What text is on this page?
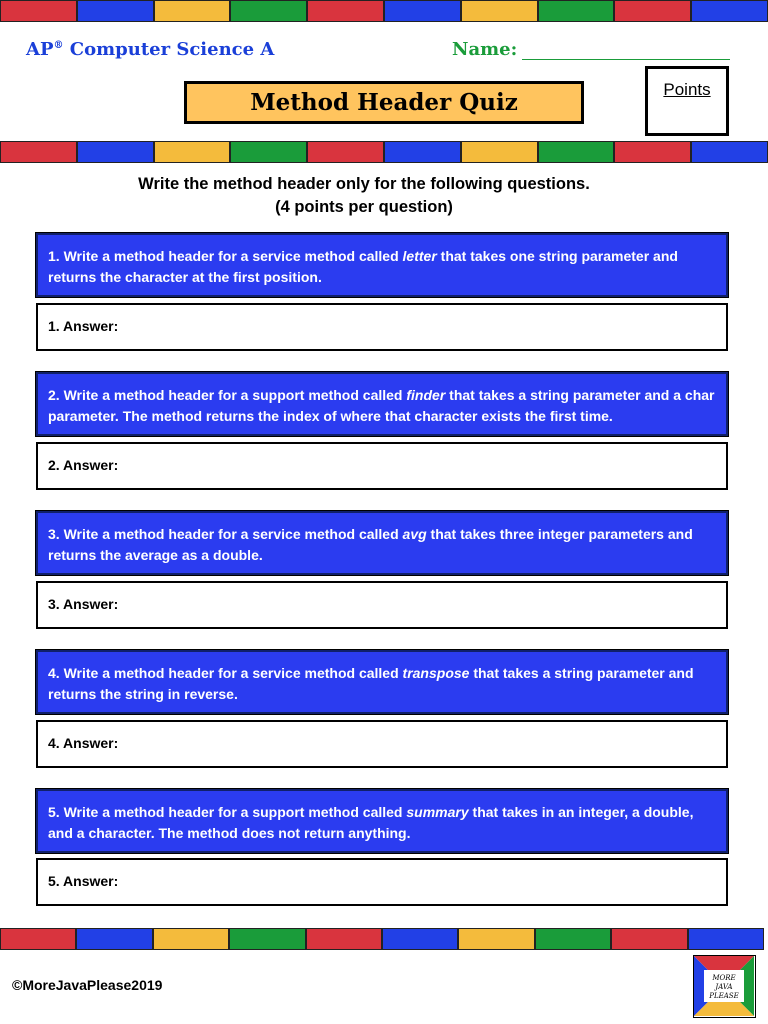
AP® Computer Science A	Name:
Method Header Quiz	Points
Write the method header only for the following questions.
(4 points per question)
1. Write a method header for a service method called letter that takes one string parameter and returns the character at the first position.
1. Answer:
2. Write a method header for a support method called finder that takes a string parameter and a char parameter. The method returns the index of where that character exists the first time.
2. Answer:
3. Write a method header for a service method called avg that takes three integer parameters and returns the average as a double.
3. Answer:
4. Write a method header for a service method called transpose that takes a string parameter and returns the string in reverse.
4. Answer:
5. Write a method header for a support method called summary that takes in an integer, a double, and a character. The method does not return anything.
5. Answer:
©MoreJavaPlease2019	MORE
JAVA
PLEASE
